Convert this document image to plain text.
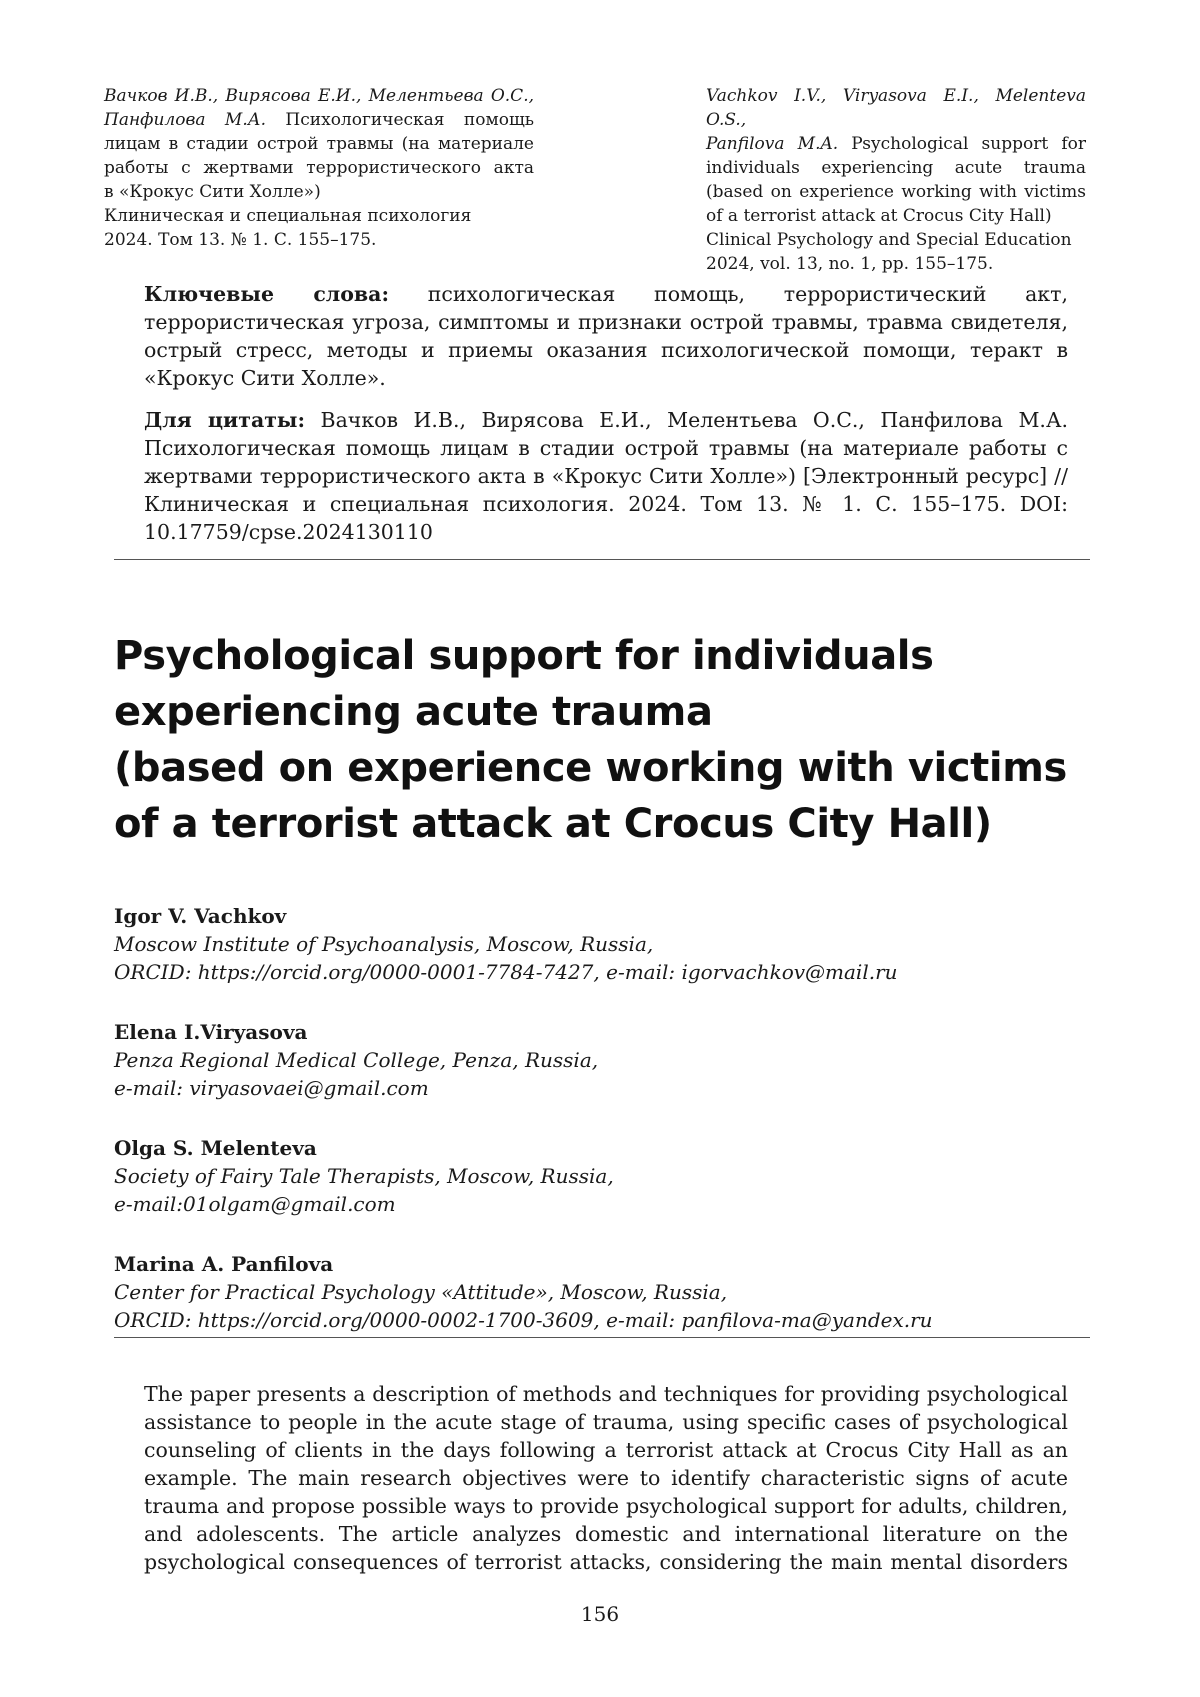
Вачков И.В., Вирясова Е.И., Мелентьева О.С.,
Панфилова М.А. Психологическая помощь
лицам в стадии острой травмы (на материале
работы с жертвами террористического акта
в «Крокус Сити Холле»)
Клиническая и специальная психология
2024. Том 13. № 1. С. 155–175.
Vachkov I.V., Viryasova E.I., Melenteva O.S.,
Panfilova M.A. Psychological support for
individuals experiencing acute trauma
(based on experience working with victims
of a terrorist attack at Crocus City Hall)
Clinical Psychology and Special Education
2024, vol. 13, no. 1, pp. 155–175.
Ключевые слова: психологическая помощь, террористический акт, террористическая угроза, симптомы и признаки острой травмы, травма свидетеля, острый стресс, методы и приемы оказания психологической помощи, теракт в «Крокус Сити Холле».
Для цитаты: Вачков И.В., Вирясова Е.И., Мелентьева О.С., Панфилова М.А. Психологическая помощь лицам в стадии острой травмы (на материале работы с жертвами террористического акта в «Крокус Сити Холле») [Электронный ресурс] // Клиническая и специальная психология. 2024. Том 13. № 1. С. 155–175. DOI: 10.17759/cpse.2024130110
Psychological support for individuals
experiencing acute trauma
(based on experience working with victims
of a terrorist attack at Crocus City Hall)
Igor V. Vachkov
Moscow Institute of Psychoanalysis, Moscow, Russia,
ORCID: https://orcid.org/0000-0001-7784-7427, e-mail: igorvachkov@mail.ru
Elena I.Viryasova
Penza Regional Medical College, Penza, Russia,
e-mail: viryasovaei@gmail.com
Olga S. Melenteva
Society of Fairy Tale Therapists, Moscow, Russia,
e-mail:01olgam@gmail.com
Marina A. Panfilova
Center for Practical Psychology «Attitude», Moscow, Russia,
ORCID: https://orcid.org/0000-0002-1700-3609, e-mail: panfilova-ma@yandex.ru
The paper presents a description of methods and techniques for providing psychological
assistance to people in the acute stage of trauma, using specific cases of psychological
counseling of clients in the days following a terrorist attack at Crocus City Hall as an
example. The main research objectives were to identify characteristic signs of acute
trauma and propose possible ways to provide psychological support for adults, children,
and adolescents. The article analyzes domestic and international literature on the
psychological consequences of terrorist attacks, considering the main mental disorders
156
